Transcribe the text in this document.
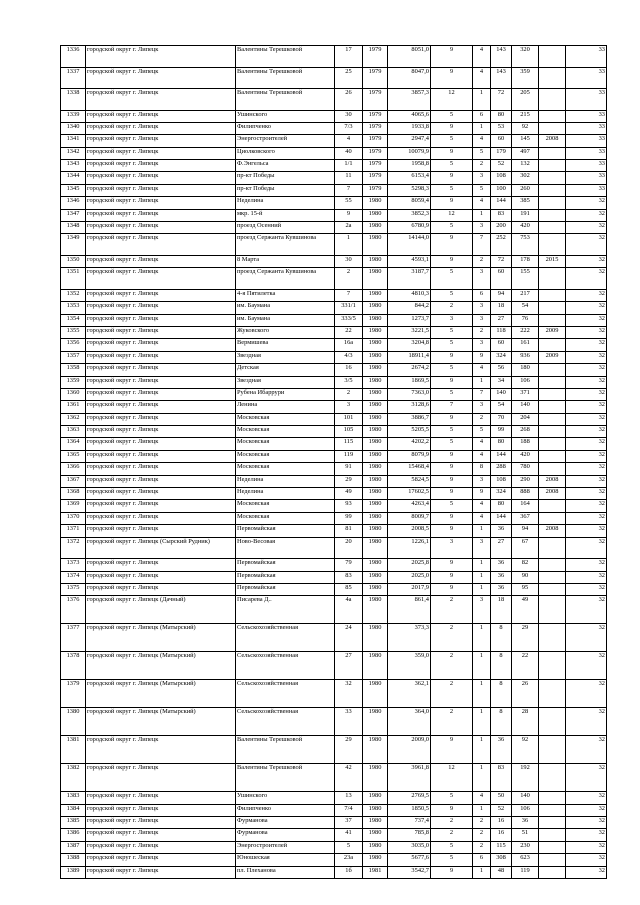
1336	городской округ г. Липецк	Валентины Терешковой	17	1979	8051,0	9	4	143	320		33
1337	городской округ г. Липецк	Валентины Терешковой	25	1979	8047,0	9	4	143	359		33
1338	городской округ г. Липецк	Валентины Терешковой	26	1979	3857,3	12	1	72	205		33
1339	городской округ г. Липецк	Ушинского	30	1979	4065,6	5	6	80	215		33
1340	городской округ г. Липецк	Филипченко	7/3	1979	1933,8	9	1	53	92		33
1341	городской округ г. Липецк	Энергостроителей	4	1979	2947,4	5	4	60	145	2008	33
1342	городской округ г. Липецк	Циолковского	40	1979	10079,9	9	5	179	497		33
1343	городской округ г. Липецк	Ф.Энгельса	1/1	1979	1958,8	5	2	52	132		33
1344	городской округ г. Липецк	пр-кт Победы	11	1979	6153,4	9	3	108	302		33
1345	городской округ г. Липецк	пр-кт Победы	7	1979	5298,3	5	5	100	260		33
1346	городской округ г. Липецк	Неделина	55	1980	8059,4	9	4	144	385		32
1347	городской округ г. Липецк	мкр. 15-й	9	1980	3852,3	12	1	83	191		32
1348	городской округ г. Липецк	проезд Осенний	2а	1980	6780,9	5	3	200	420		32
1349	городской округ г. Липецк	проезд Сержанта Кувшинова	1	1980	14144,0	9	7	252	753		32
1350	городской округ г. Липецк	8 Марта	30	1980	4593,1	9	2	72	178	2015	32
1351	городской округ г. Липецк	проезд Сержанта Кувшинова	2	1980	3187,7	5	3	60	155		32
1352	городской округ г. Липецк	4-я Пятилетка	7	1980	4810,3	5	6	94	217		32
1353	городской округ г. Липецк	им. Баумана	331/1	1980	844,2	2	3	18	54		32
1354	городской округ г. Липецк	им. Баумана	333/5	1980	1273,7	3	3	27	76		32
1355	городской округ г. Липецк	Жуковского	22	1980	3221,5	5	2	118	222	2009	32
1356	городской округ г. Липецк	Вермишева	16а	1980	3204,8	5	3	60	161		32
1357	городской округ г. Липецк	Звездная	4/3	1980	18911,4	9	9	324	936	2009	32
1358	городской округ г. Липецк	Детская	16	1980	2674,2	5	4	56	180		32
1359	городской округ г. Липецк	Звездная	3/5	1980	1869,5	9	1	34	106		32
1360	городской округ г. Липецк	Рубена Ибаррури	2	1980	7363,0	5	7	140	371		32
1361	городской округ г. Липецк	Ленина	3	1980	3128,6	7	3	54	140		32
1362	городской округ г. Липецк	Московская	101	1980	3886,7	9	2	70	204		32
1363	городской округ г. Липецк	Московская	105	1980	5205,5	5	5	99	268		32
1364	городской округ г. Липецк	Московская	115	1980	4202,2	5	4	80	188		32
1365	городской округ г. Липецк	Московская	119	1980	8079,9	9	4	144	420		32
1366	городской округ г. Липецк	Московская	91	1980	15468,4	9	8	288	780		32
1367	городской округ г. Липецк	Неделина	29	1980	5824,5	9	3	108	290	2008	32
1368	городской округ г. Липецк	Неделина	49	1980	17602,5	9	9	324	888	2008	32
1369	городской округ г. Липецк	Московская	93	1980	4263,4	5	4	80	164		32
1370	городской округ г. Липецк	Московская	99	1980	8009,7	9	4	144	367		32
1371	городской округ г. Липецк	Первомайская	81	1980	2008,5	9	1	36	94	2008	32
1372	городской округ г. Липецк (Сырский Рудник)	Ново-Весовая	20	1980	1226,1	3	3	27	67		32
1373	городской округ г. Липецк	Первомайская	79	1980	2025,8	9	1	36	82		32
1374	городской округ г. Липецк	Первомайская	83	1980	2025,0	9	1	36	90		32
1375	городской округ г. Липецк	Первомайская	85	1980	2017,9	9	1	36	95		32
1376	городской округ г. Липецк (Дачный)	Писарева Д..	4а	1980	861,4	2	3	18	49		32
1377	городской округ г. Липецк (Матырский)	Сельскохозяйственная	24	1980	373,3	2	1	8	29		32
1378	городской округ г. Липецк (Матырский)	Сельскохозяйственная	27	1980	359,0	2	1	8	22		32
1379	городской округ г. Липецк (Матырский)	Сельскохозяйственная	32	1980	362,1	2	1	8	26		32
1380	городской округ г. Липецк (Матырский)	Сельскохозяйственная	33	1980	364,0	2	1	8	28		32
1381	городской округ г. Липецк	Валентины Терешковой	29	1980	2009,0	9	1	36	92		32
1382	городской округ г. Липецк	Валентины Терешковой	42	1980	3961,8	12	1	83	192		32
1383	городской округ г. Липецк	Ушинского	13	1980	2769,5	5	4	50	140		32
1384	городской округ г. Липецк	Филипченко	7/4	1980	1850,5	9	1	52	106		32
1385	городской округ г. Липецк	Фурманова	37	1980	737,4	2	2	16	36		32
1386	городской округ г. Липецк	Фурманова	41	1980	785,8	2	2	16	51		32
1387	городской округ г. Липецк	Энергостроителей	5	1980	3035,0	5	2	115	230		32
1388	городской округ г. Липецк	Юношеская	23а	1980	5677,6	5	6	308	623		32
1389	городской округ г. Липецк	пл. Плеханова	1б	1981	3542,7	9	1	48	119		32
